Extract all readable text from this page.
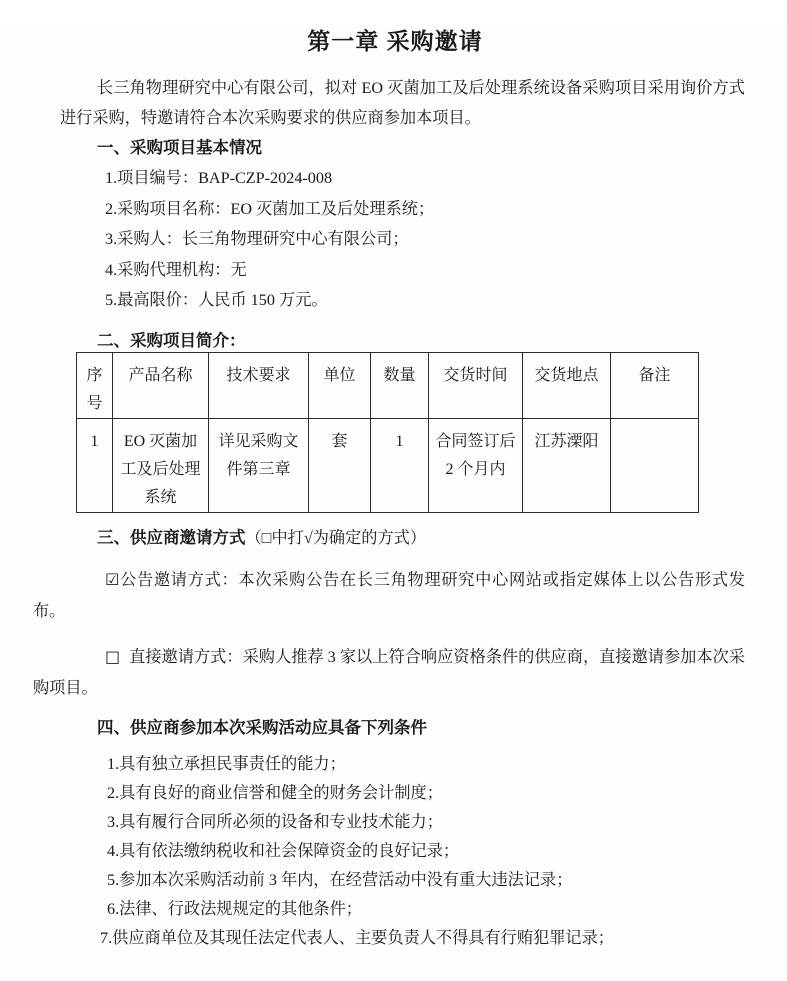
第一章 采购邀请

长三角物理研究中心有限公司，拟对 EO 灭菌加工及后处理系统设备采购项目采用询价方式进行采购，特邀请符合本次采购要求的供应商参加本项目。

一、采购项目基本情况
1.项目编号：BAP-CZP-2024-008
2.采购项目名称：EO 灭菌加工及后处理系统；
3.采购人：长三角物理研究中心有限公司；
4.采购代理机构：无
5.最高限价：人民币 150 万元。
二、采购项目简介：
序号	产品名称	技术要求	单位	数量	交货时间	交货地点	备注
1	EO 灭菌加工及后处理系统	详见采购文件第三章	套	1	合同签订后 2 个月内	江苏溧阳	
三、供应商邀请方式（□中打√为确定的方式）

☑公告邀请方式：本次采购公告在长三角物理研究中心网站或指定媒体上以公告形式发布。

□ 直接邀请方式：采购人推荐 3 家以上符合响应资格条件的供应商，直接邀请参加本次采购项目。

四、供应商参加本次采购活动应具备下列条件
1.具有独立承担民事责任的能力；
2.具有良好的商业信誉和健全的财务会计制度；
3.具有履行合同所必须的设备和专业技术能力；
4.具有依法缴纳税收和社会保障资金的良好记录；
5.参加本次采购活动前 3 年内，在经营活动中没有重大违法记录；
6.法律、行政法规规定的其他条件；
7.供应商单位及其现任法定代表人、主要负责人不得具有行贿犯罪记录；
